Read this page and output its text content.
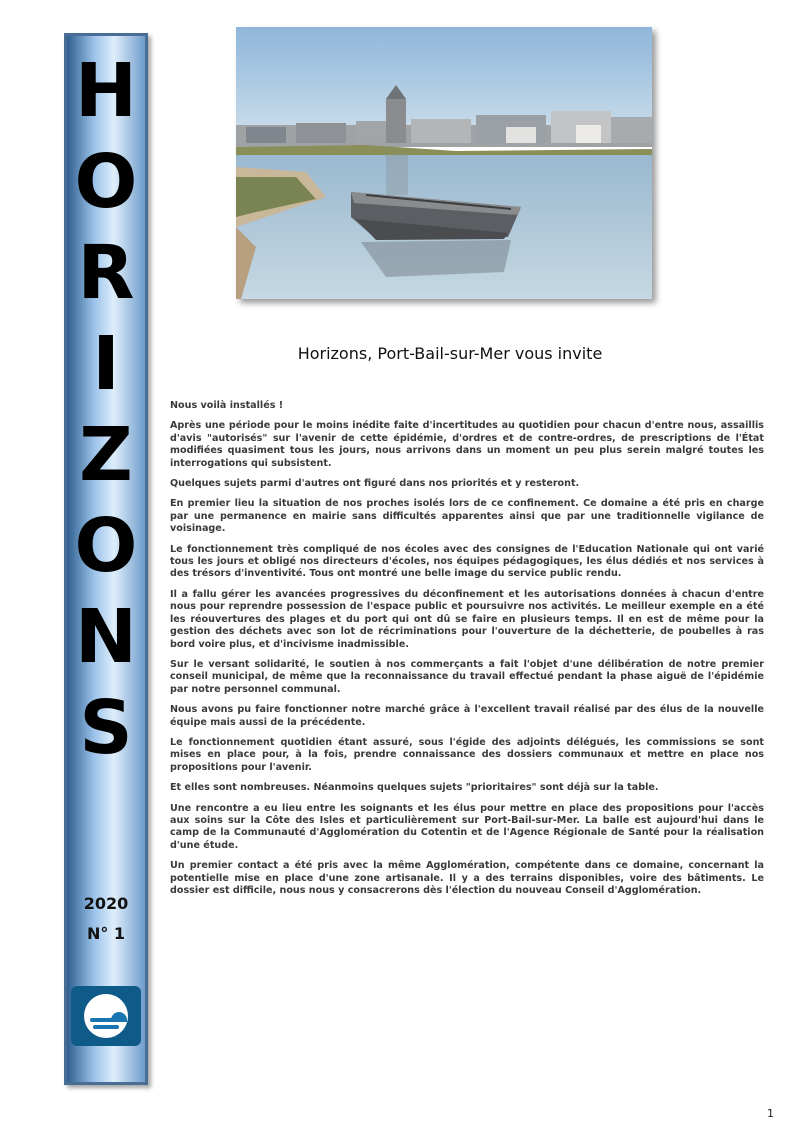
H
O
R
I
Z
O
N
S
2020
N° 1
Horizons, Port-Bail-sur-Mer vous invite

Nous voilà installés !

Après une période pour le moins inédite faite d'incertitudes au quotidien pour chacun d'entre nous, assaillis d'avis "autorisés" sur l'avenir de cette épidémie, d'ordres et de contre-ordres, de prescriptions de l'État modifiées quasiment tous les jours, nous arrivons dans un moment un peu plus serein malgré toutes les interrogations qui subsistent.

Quelques sujets parmi d'autres ont figuré dans nos priorités et y resteront.

En premier lieu la situation de nos proches isolés lors de ce confinement. Ce domaine a été pris en charge par une permanence en mairie sans difficultés apparentes ainsi que par une traditionnelle vigilance de voisinage.

Le fonctionnement très compliqué de nos écoles avec des consignes de l'Education Nationale qui ont varié tous les jours et obligé nos directeurs d'écoles, nos équipes pédagogiques, les élus dédiés et nos services à des trésors d'inventivité. Tous ont montré une belle image du service public rendu.

Il a fallu gérer les avancées progressives du déconfinement et les autorisations données à chacun d'entre nous pour reprendre possession de l'espace public et poursuivre nos activités. Le meilleur exemple en a été les réouvertures des plages et du port qui ont dû se faire en plusieurs temps. Il en est de même pour la gestion des déchets avec son lot de récriminations pour l'ouverture de la déchetterie, de poubelles à ras bord voire plus, et d'incivisme inadmissible.

Sur le versant solidarité, le soutien à nos commerçants a fait l'objet d'une délibération de notre premier conseil municipal, de même que la reconnaissance du travail effectué pendant la phase aiguë de l'épidémie par notre personnel communal.

Nous avons pu faire fonctionner notre marché grâce à l'excellent travail réalisé par des élus de la nouvelle équipe mais aussi de la précédente.

Le fonctionnement quotidien étant assuré, sous l'égide des adjoints délégués, les commissions se sont mises en place pour, à la fois, prendre connaissance des dossiers communaux et mettre en place nos propositions pour l'avenir.

Et elles sont nombreuses. Néanmoins quelques sujets "prioritaires" sont déjà sur la table.

Une rencontre a eu lieu entre les soignants et les élus pour mettre en place des propositions pour l'accès aux soins sur la Côte des Isles et particulièrement sur Port-Bail-sur-Mer. La balle est aujourd'hui dans le camp de la Communauté d'Agglomération du Cotentin et de l'Agence Régionale de Santé pour la réalisation d'une étude.

Un premier contact a été pris avec la même Agglomération, compétente dans ce domaine, concernant la potentielle mise en place d'une zone artisanale. Il y a des terrains disponibles, voire des bâtiments. Le dossier est difficile, nous nous y consacrerons dès l'élection du nouveau Conseil d'Agglomération.

1
